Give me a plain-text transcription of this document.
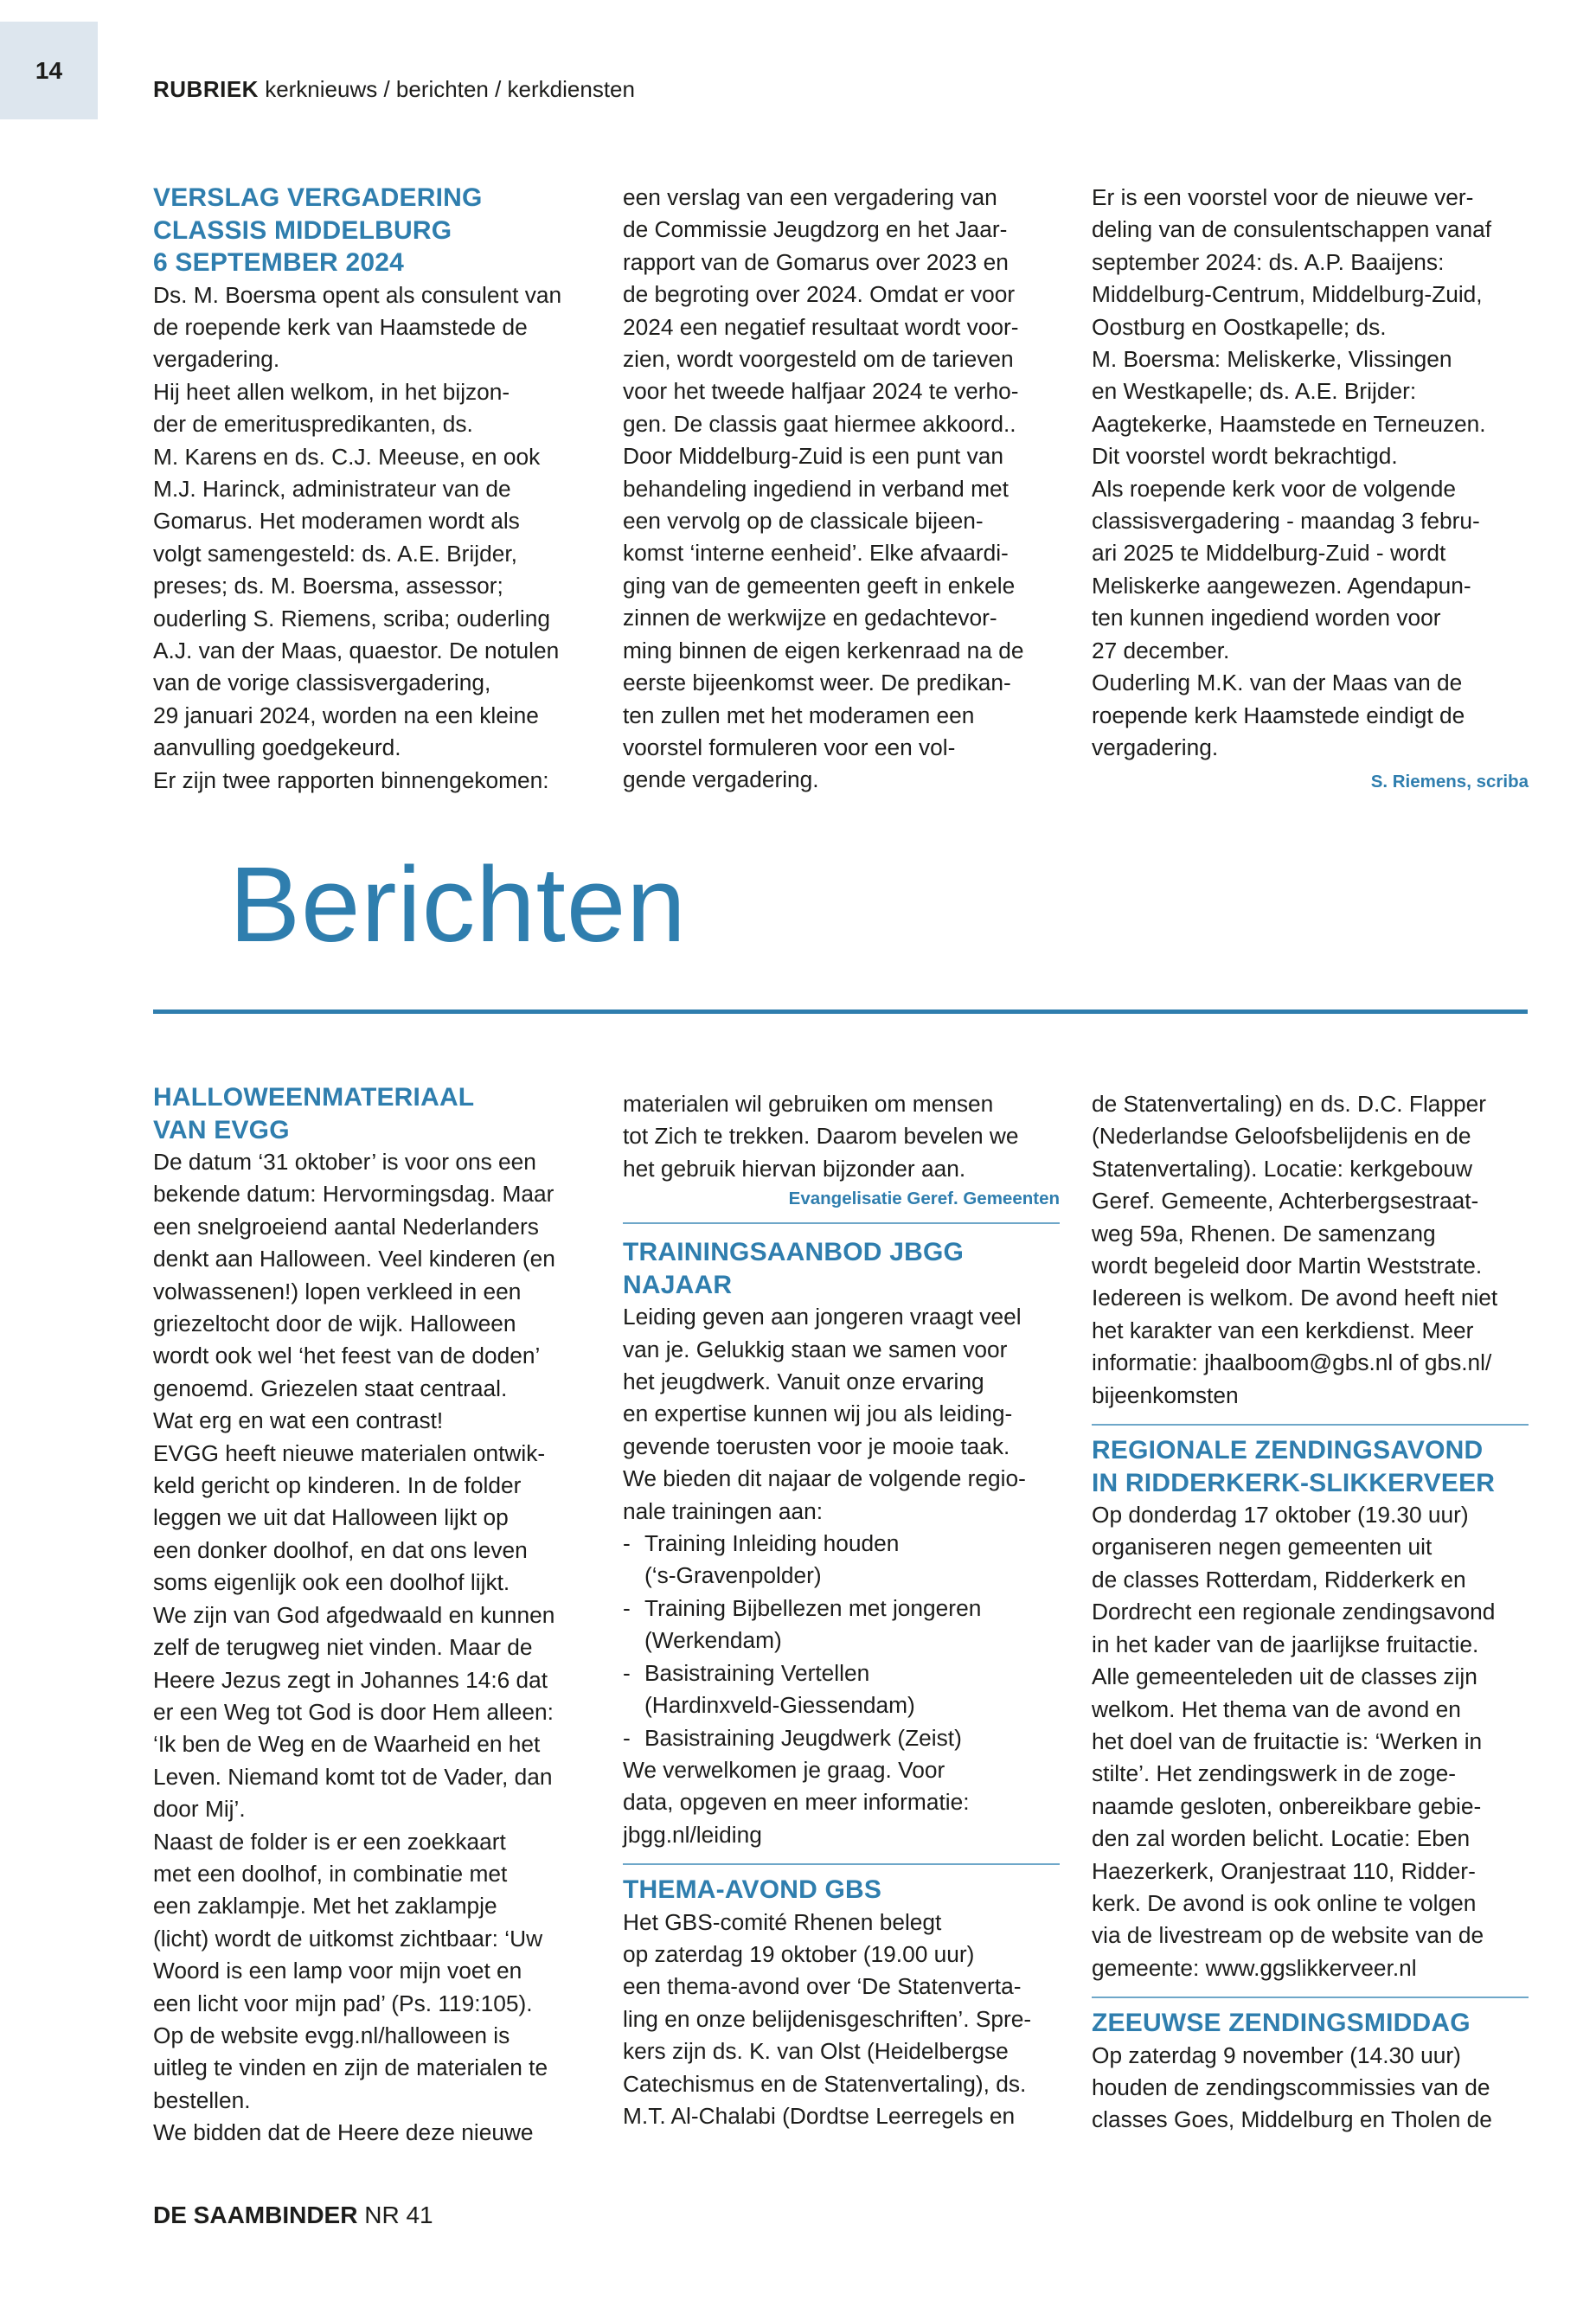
14
RUBRIEK kerknieuws / berichten / kerkdiensten
VERSLAG VERGADERING
CLASSIS MIDDELBURG
6 SEPTEMBER 2024

Ds. M. Boersma opent als consulent van

de roepende kerk van Haamstede de

vergadering.

Hij heet allen welkom, in het bijzon-

der de emerituspredikanten, ds.

M. Karens en ds. C.J. Meeuse, en ook

M.J. Harinck, administrateur van de

Gomarus. Het moderamen wordt als

volgt samengesteld: ds. A.E. Brijder,

preses; ds. M. Boersma, assessor;

ouderling S. Riemens, scriba; ouderling

A.J. van der Maas, quaestor. De notulen

van de vorige classisvergadering,

29 januari 2024, worden na een kleine

aanvulling goedgekeurd.

Er zijn twee rapporten binnengekomen:

een verslag van een vergadering van

de Commissie Jeugdzorg en het Jaar-

rapport van de Gomarus over 2023 en

de begroting over 2024. Omdat er voor

2024 een negatief resultaat wordt voor-

zien, wordt voorgesteld om de tarieven

voor het tweede halfjaar 2024 te verho-

gen. De classis gaat hiermee akkoord..

Door Middelburg-Zuid is een punt van

behandeling ingediend in verband met

een vervolg op de classicale bijeen-

komst ‘interne eenheid’. Elke afvaardi-

ging van de gemeenten geeft in enkele

zinnen de werkwijze en gedachtevor-

ming binnen de eigen kerkenraad na de

eerste bijeenkomst weer. De predikan-

ten zullen met het moderamen een

voorstel formuleren voor een vol-

gende vergadering.

Er is een voorstel voor de nieuwe ver-

deling van de consulentschappen vanaf

september 2024: ds. A.P. Baaijens:

Middelburg-Centrum, Middelburg-Zuid,

Oostburg en Oostkapelle; ds.

M. Boersma: Meliskerke, Vlissingen

en Westkapelle; ds. A.E. Brijder:

Aagtekerke, Haamstede en Terneuzen.

Dit voorstel wordt bekrachtigd.

Als roepende kerk voor de volgende

classisvergadering - maandag 3 febru-

ari 2025 te Middelburg-Zuid - wordt

Meliskerke aangewezen. Agendapun-

ten kunnen ingediend worden voor

27 december.

Ouderling M.K. van der Maas van de

roepende kerk Haamstede eindigt de

vergadering.

S. Riemens, scriba
Berichten
HALLOWEENMATERIAAL
VAN EVGG

De datum ‘31 oktober’ is voor ons een

bekende datum: Hervormingsdag. Maar

een snelgroeiend aantal Nederlanders

denkt aan Halloween. Veel kinderen (en

volwassenen!) lopen verkleed in een

griezeltocht door de wijk. Halloween

wordt ook wel ‘het feest van de doden’

genoemd. Griezelen staat centraal.

Wat erg en wat een contrast!

EVGG heeft nieuwe materialen ontwik-

keld gericht op kinderen. In de folder

leggen we uit dat Halloween lijkt op

een donker doolhof, en dat ons leven

soms eigenlijk ook een doolhof lijkt.

We zijn van God afgedwaald en kunnen

zelf de terugweg niet vinden. Maar de

Heere Jezus zegt in Johannes 14:6 dat

er een Weg tot God is door Hem alleen:

‘Ik ben de Weg en de Waarheid en het

Leven. Niemand komt tot de Vader, dan

door Mij’.

Naast de folder is er een zoekkaart

met een doolhof, in combinatie met

een zaklampje. Met het zaklampje

(licht) wordt de uitkomst zichtbaar: ‘Uw

Woord is een lamp voor mijn voet en

een licht voor mijn pad’ (Ps. 119:105).

Op de website evgg.nl/halloween is

uitleg te vinden en zijn de materialen te

bestellen.

We bidden dat de Heere deze nieuwe

materialen wil gebruiken om mensen

tot Zich te trekken. Daarom bevelen we

het gebruik hiervan bijzonder aan.

Evangelisatie Geref. Gemeenten
TRAININGSAANBOD JBGG
NAJAAR

Leiding geven aan jongeren vraagt veel

van je. Gelukkig staan we samen voor

het jeugdwerk. Vanuit onze ervaring

en expertise kunnen wij jou als leiding-

gevende toerusten voor je mooie taak.

We bieden dit najaar de volgende regio-

nale trainingen aan:

- Training Inleiding houden

(‘s-Gravenpolder)

- Training Bijbellezen met jongeren

(Werkendam)

- Basistraining Vertellen

(Hardinxveld-Giessendam)

- Basistraining Jeugdwerk (Zeist)

We verwelkomen je graag. Voor

data, opgeven en meer informatie:

jbgg.nl/leiding

THEMA-AVOND GBS

Het GBS-comité Rhenen belegt

op zaterdag 19 oktober (19.00 uur)

een thema-avond over ‘De Statenverta-

ling en onze belijdenisgeschriften’. Spre-

kers zijn ds. K. van Olst (Heidelbergse

Catechismus en de Statenvertaling), ds.

M.T. Al-Chalabi (Dordtse Leerregels en

de Statenvertaling) en ds. D.C. Flapper

(Nederlandse Geloofsbelijdenis en de

Statenvertaling). Locatie: kerkgebouw

Geref. Gemeente, Achterbergsestraat-

weg 59a, Rhenen. De samenzang

wordt begeleid door Martin Weststrate.

Iedereen is welkom. De avond heeft niet

het karakter van een kerkdienst. Meer

informatie: jhaalboom@gbs.nl of gbs.nl/

bijeenkomsten

REGIONALE ZENDINGSAVOND
IN RIDDERKERK-SLIKKERVEER

Op donderdag 17 oktober (19.30 uur)

organiseren negen gemeenten uit

de classes Rotterdam, Ridderkerk en

Dordrecht een regionale zendingsavond

in het kader van de jaarlijkse fruitactie.

Alle gemeenteleden uit de classes zijn

welkom. Het thema van de avond en

het doel van de fruitactie is: ‘Werken in

stilte’. Het zendingswerk in de zoge-

naamde gesloten, onbereikbare gebie-

den zal worden belicht. Locatie: Eben

Haezerkerk, Oranjestraat 110, Ridder-

kerk. De avond is ook online te volgen

via de livestream op de website van de

gemeente: www.ggslikkerveer.nl

ZEEUWSE ZENDINGSMIDDAG

Op zaterdag 9 november (14.30 uur)

houden de zendingscommissies van de

classes Goes, Middelburg en Tholen de

DE SAAMBINDER NR 41
